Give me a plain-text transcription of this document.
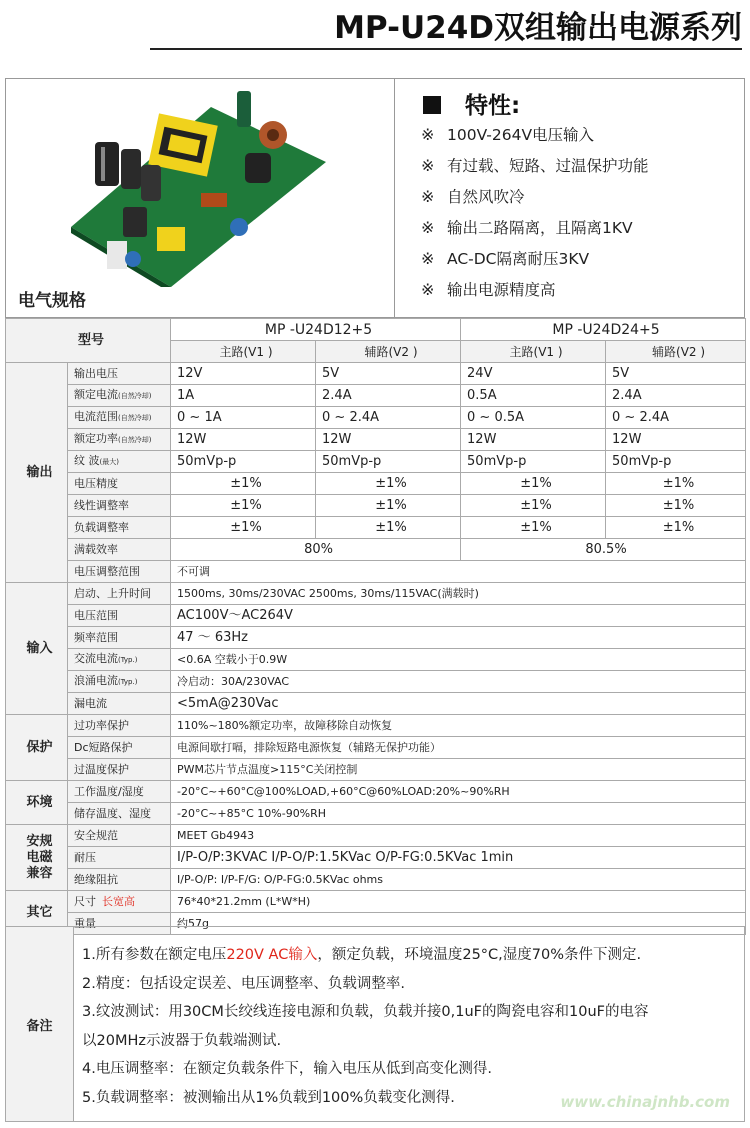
MP-U24D双组输出电源系列
电气规格
特性:
※ 100V-264V电压输入
※ 有过载、短路、过温保护功能
※ 自然风吹冷
※ 输出二路隔离，且隔离1KV
※ AC-DC隔离耐压3KV
※ 输出电源精度高
型号		MP -U24D12+5		MP -U24D24+5	
		主路(V1 )	辅路(V2 )	主路(V1 )	辅路(V2 )
输出	输出电压	12V	5V	24V	5V
	额定电流(自然冷却)	1A	2.4A	0.5A	2.4A
	电流范围(自然冷却)	0 ~ 1A	0 ~ 2.4A	0 ~ 0.5A	0 ~ 2.4A
	额定功率(自然冷却)	12W	12W	12W	12W
	纹 波(最大)	50mVp-p	50mVp-p	50mVp-p	50mVp-p
	电压精度	±1%	±1%	±1%	±1%
	线性调整率	±1%	±1%	±1%	±1%
	负载调整率	±1%	±1%	±1%	±1%
	满载效率	80%		80.5%	
	电压调整范围	不可调			
输入	启动、上升时间	1500ms, 30ms/230VAC 2500ms, 30ms/115VAC(满载时)			
	电压范围	AC100V～AC264V			
	频率范围	47 ～ 63Hz			
	交流电流(Typ.)	<0.6A 空载小于0.9W			
	浪涌电流(Typ.)	冷启动：30A/230VAC			
	漏电流	<5mA@230Vac			
保护	过功率保护	110%~180%额定功率，故障移除自动恢复			
	Dc短路保护	电源间歇打嗝，排除短路电源恢复（辅路无保护功能）			
	过温度保护	PWM芯片节点温度>115°C关闭控制			
环境	工作温度/湿度	-20°C~+60°C@100%LOAD,+60°C@60%LOAD:20%~90%RH			
	储存温度、湿度	-20°C~+85°C 10%-90%RH			
安规
电磁
兼容	安全规范	MEET Gb4943			
	耐压	I/P-O/P:3KVAC I/P-O/P:1.5KVac O/P-FG:0.5KVac 1min			
	绝缘阻抗	I/P-O/P: I/P-F/G: O/P-FG:0.5KVac ohms			
其它	尺寸 长宽高	76*40*21.2mm (L*W*H)			
	重量	约57g			
备注

1.所有参数在额定电压220V AC输入，额定负载，环境温度25°C,湿度70%条件下测定.

2.精度：包括设定误差、电压调整率、负载调整率.

3.纹波测试：用30CM长绞线连接电源和负载，负载并接0,1uF的陶瓷电容和10uF的电容

以20MHz示波器于负载端测试.

4.电压调整率：在额定负载条件下，输入电压从低到高变化测得.

5.负载调整率：被测输出从1%负载到100%负载变化测得.	www.chinajnhb.com
